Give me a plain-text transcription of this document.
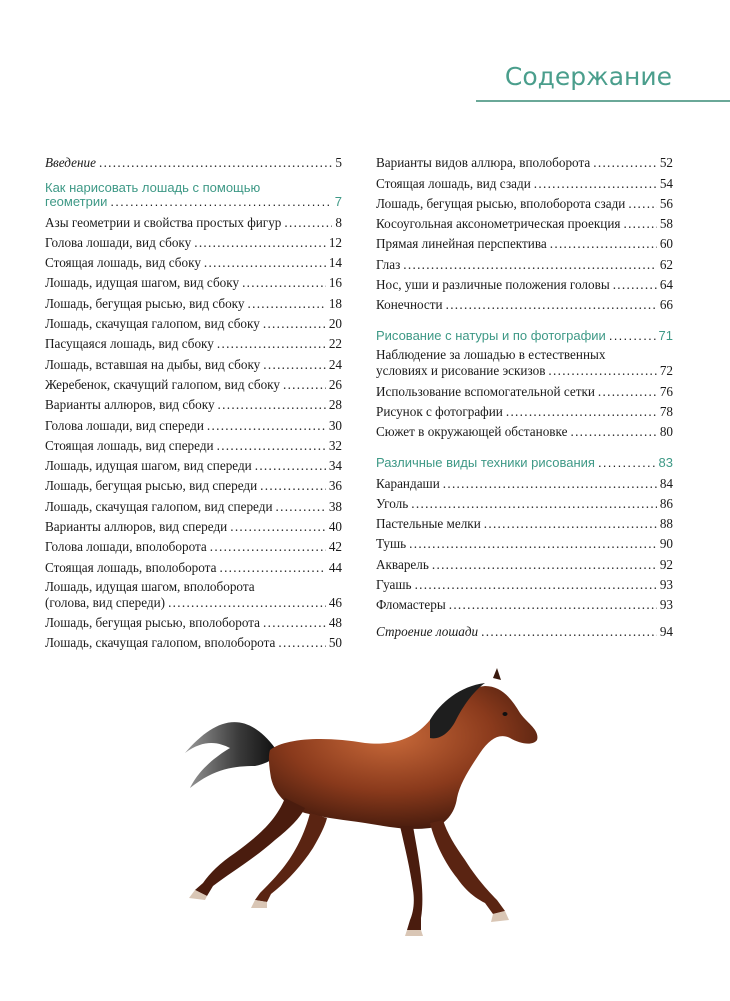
Содержание
Введение .....	5
Как нарисовать лошадь с помощью
геометрии .....	7
Азы геометрии и свойства простых фигур .....	8
Голова лошади, вид сбоку .....	12
Стоящая лошадь, вид сбоку .....	14
Лошадь, идущая шагом, вид сбоку .....	16
Лошадь, бегущая рысью, вид сбоку .....	18
Лошадь, скачущая галопом, вид сбоку .....	20
Пасущаяся лошадь, вид сбоку .....	22
Лошадь, вставшая на дыбы, вид сбоку .....	24
Жеребенок, скачущий галопом, вид сбоку .....	26
Варианты аллюров, вид сбоку .....	28
Голова лошади, вид спереди .....	30
Стоящая лошадь, вид спереди .....	32
Лошадь, идущая шагом, вид спереди .....	34
Лошадь, бегущая рысью, вид спереди .....	36
Лошадь, скачущая галопом, вид спереди .....	38
Варианты аллюров, вид спереди .....	40
Голова лошади, вполоборота .....	42
Стоящая лошадь, вполоборота .....	44
Лошадь, идущая шагом, вполоборота
(голова, вид спереди) .....	46
Лошадь, бегущая рысью, вполоборота .....	48
Лошадь, скачущая галопом, вполоборота .....	50
Варианты видов аллюра, вполоборота .....	52
Стоящая лошадь, вид сзади .....	54
Лошадь, бегущая рысью, вполоборота сзади .....	56
Косоугольная аксонометрическая проекция .....	58
Прямая линейная перспектива .....	60
Глаз .....	62
Нос, уши и различные положения головы .....	64
Конечности .....	66
Рисование с натуры и по фотографии .....	71
Наблюдение за лошадью в естественных
условиях и рисование эскизов .....	72
Использование вспомогательной сетки .....	76
Рисунок с фотографии .....	78
Сюжет в окружающей обстановке .....	80
Различные виды техники рисования .....	83
Карандаши .....	84
Уголь .....	86
Пастельные мелки .....	88
Тушь .....	90
Акварель .....	92
Гуашь .....	93
Фломастеры .....	93
Строение лошади .....	94
